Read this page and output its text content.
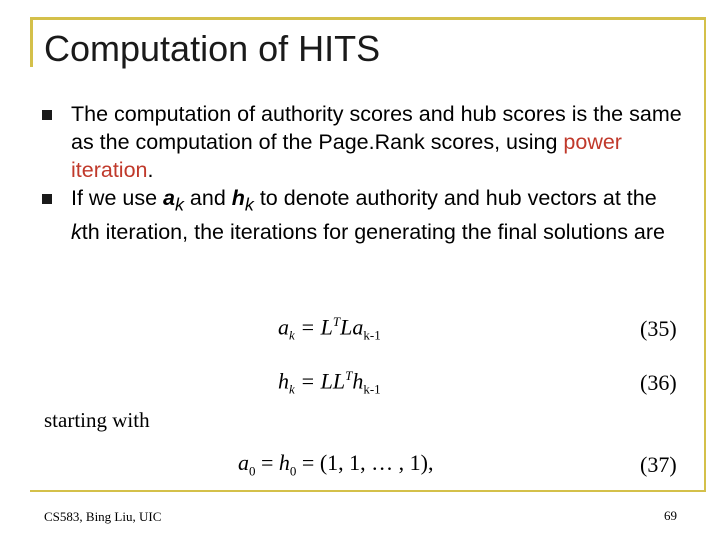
Computation of HITS
The computation of authority scores and hub scores is the same as the computation of the Page.Rank scores, using power iteration.
If we use $a_k$ and $h_k$ to denote authority and hub vectors at the kth iteration, the iterations for generating the final solutions are
$a_k = L^TLa_{k-1}$	(35)
$h_k = LL^Th_{k-1}$	(36)
starting with
$a_0 = h_0 = (1$, 1, … , 1),	(37)
CS583, Bing Liu, UIC	69
